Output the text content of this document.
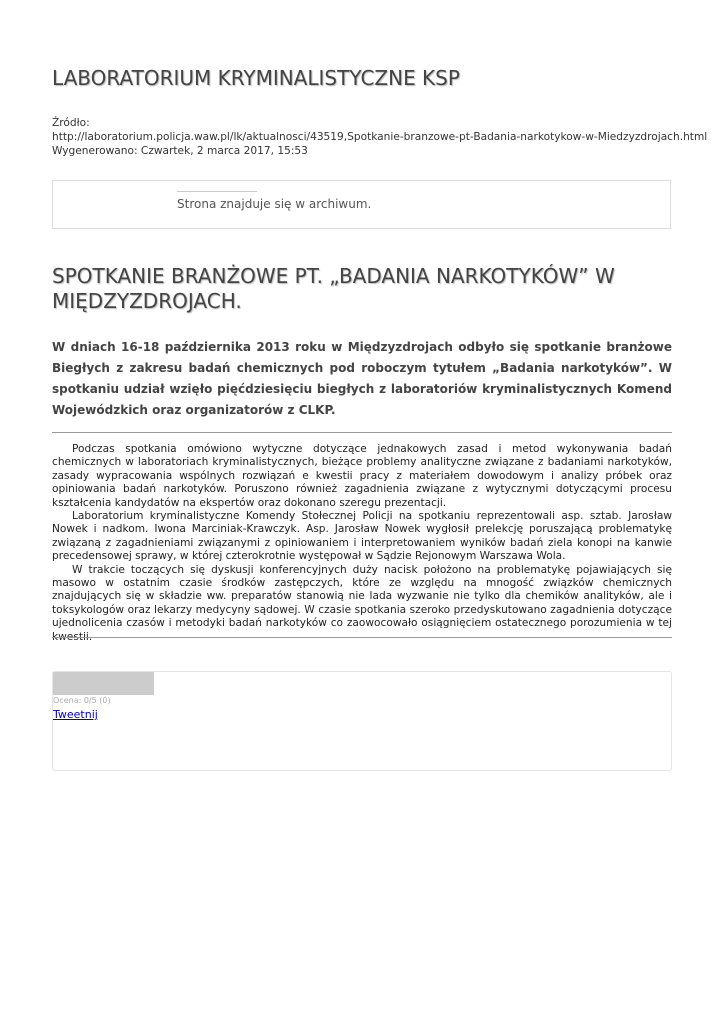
LABORATORIUM KRYMINALISTYCZNE KSP
Źródło:
http://laboratorium.policja.waw.pl/lk/aktualnosci/43519,Spotkanie-branzowe-pt-Badania-narkotykow-w-Miedzyzdrojach.html
Wygenerowano: Czwartek, 2 marca 2017, 15:53
Strona znajduje się w archiwum.
SPOTKANIE BRANŻOWE PT. „BADANIA NARKOTYKÓW” W MIĘDZYZDROJACH.

W dniach 16-18 października 2013 roku w Międzyzdrojach odbyło się spotkanie branżowe Biegłych z zakresu badań chemicznych pod roboczym tytułem „Badania narkotyków”. W spotkaniu udział wzięło pięćdziesięciu biegłych z laboratoriów kryminalistycznych Komend Wojewódzkich oraz organizatorów z CLKP.

Podczas spotkania omówiono wytyczne dotyczące jednakowych zasad i metod wykonywania badań chemicznych w laboratoriach kryminalistycznych, bieżące problemy analityczne związane z badaniami narkotyków, zasady wypracowania wspólnych rozwiązań e kwestii pracy z materiałem dowodowym i analizy próbek oraz opiniowania badań narkotyków. Poruszono również zagadnienia związane z wytycznymi dotyczącymi procesu kształcenia kandydatów na ekspertów oraz dokonano szeregu prezentacji.

Laboratorium kryminalistyczne Komendy Stołecznej Policji na spotkaniu reprezentowali asp. sztab. Jarosław Nowek i nadkom. Iwona Marciniak-Krawczyk. Asp. Jarosław Nowek wygłosił prelekcję poruszającą problematykę związaną z zagadnieniami związanymi z opiniowaniem i interpretowaniem wyników badań ziela konopi na kanwie precedensowej sprawy, w której czterokrotnie występował w Sądzie Rejonowym Warszawa Wola.

W trakcie toczących się dyskusji konferencyjnych duży nacisk położono na problematykę pojawiających się masowo w ostatnim czasie środków zastępczych, które ze względu na mnogość związków chemicznych znajdujących się w składzie ww. preparatów stanowią nie lada wyzwanie nie tylko dla chemików analityków, ale i toksykologów oraz lekarzy medycyny sądowej. W czasie spotkania szeroko przedyskutowano zagadnienia dotyczące ujednolicenia czasów i metodyki badań narkotyków co zaowocowało osiągnięciem ostatecznego porozumienia w tej kwestii.

Ocena: 0/5 (0)
Tweetnij
